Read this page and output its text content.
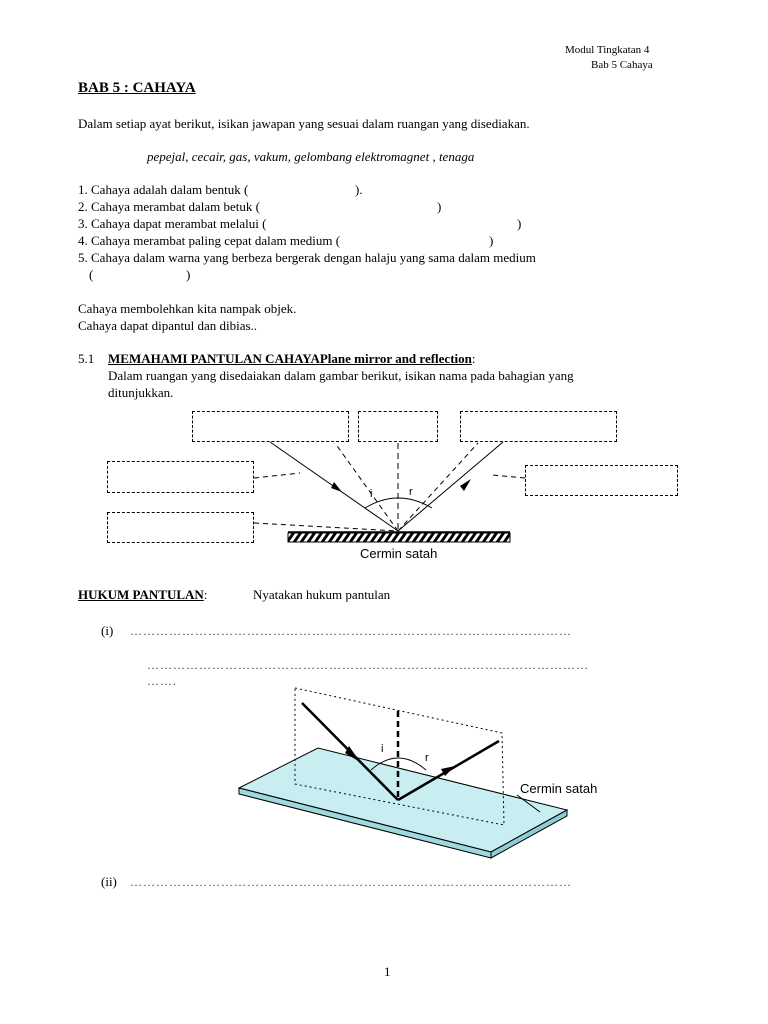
Modul Tingkatan 4
Bab 5 Cahaya
BAB 5 : CAHAYA
Dalam setiap ayat berikut, isikan jawapan yang sesuai dalam ruangan yang disediakan.
pepejal, cecair, gas, vakum, gelombang elektromagnet , tenaga
1. Cahaya adalah dalam bentuk (	).
2. Cahaya merambat dalam betuk (	)
3. Cahaya dapat merambat melalui (	)
4. Cahaya merambat paling cepat dalam medium (	)
5. Cahaya dalam warna yang berbeza bergerak dengan halaju yang sama dalam medium
(	)
Cahaya membolehkan kita nampak objek.
Cahaya dapat dipantul dan dibias..
5.1 MEMAHAMI PANTULAN CAHAYAPlane mirror and reflection:
Dalam ruangan yang disedaiakan dalam gambar berikut, isikan nama pada bahagian yang
ditunjukkan.
i	r
Cermin satah
HUKUM PANTULAN:	Nyatakan hukum pantulan
(i) …………………………………………………………………………………………
…………………………………………………………………………………………
…….
i
r
Cermin satah
(ii) …………………………………………………………………………………………
1
